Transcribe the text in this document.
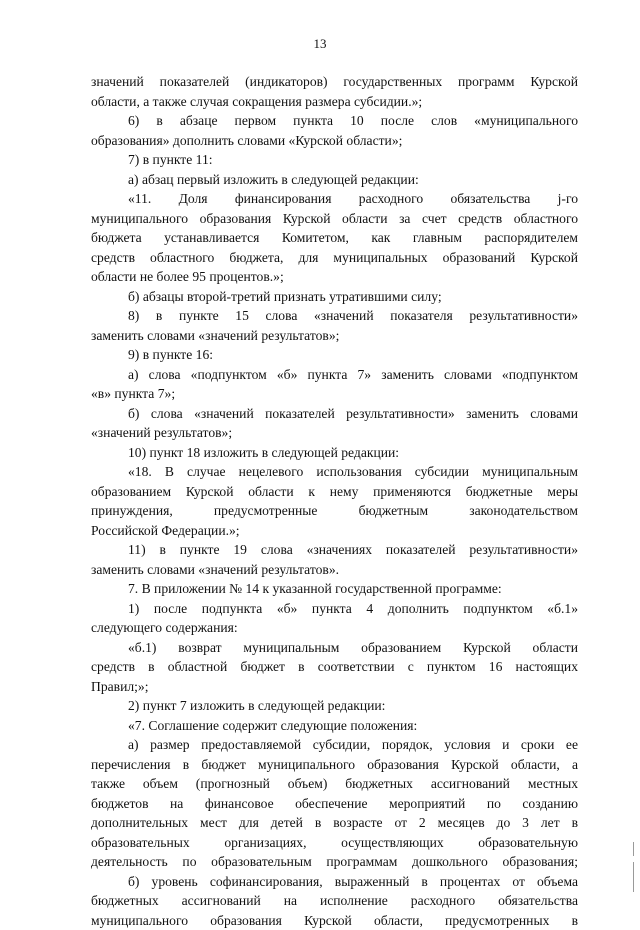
13
значений показателей (индикаторов) государственных программ Курской
области, а также случая сокращения размера субсидии.»;
6) в абзаце первом пункта 10 после слов «муниципального
образования» дополнить словами «Курской области»;
7) в пункте 11:
а) абзац первый изложить в следующей редакции:
«11. Доля финансирования расходного обязательства j-го
муниципального образования Курской области за счет средств областного
бюджета устанавливается Комитетом, как главным распорядителем
средств областного бюджета, для муниципальных образований Курской
области не более 95 процентов.»;
б) абзацы второй-третий признать утратившими силу;
8) в пункте 15 слова «значений показателя результативности»
заменить словами «значений результатов»;
9) в пункте 16:
а) слова «подпунктом «б» пункта 7» заменить словами «подпунктом
«в» пункта 7»;
б) слова «значений показателей результативности» заменить словами
«значений результатов»;
10) пункт 18 изложить в следующей редакции:
«18. В случае нецелевого использования субсидии муниципальным
образованием Курской области к нему применяются бюджетные меры
принуждения, предусмотренные бюджетным законодательством
Российской Федерации.»;
11) в пункте 19 слова «значениях показателей результативности»
заменить словами «значений результатов».
7. В приложении № 14 к указанной государственной программе:
1) после подпункта «б» пункта 4 дополнить подпунктом «б.1»
следующего содержания:
«б.1) возврат муниципальным образованием Курской области
средств в областной бюджет в соответствии с пунктом 16 настоящих
Правил;»;
2) пункт 7 изложить в следующей редакции:
«7. Соглашение содержит следующие положения:
а) размер предоставляемой субсидии, порядок, условия и сроки ее
перечисления в бюджет муниципального образования Курской области, а
также объем (прогнозный объем) бюджетных ассигнований местных
бюджетов на финансовое обеспечение мероприятий по созданию
дополнительных мест для детей в возрасте от 2 месяцев до 3 лет в
образовательных организациях, осуществляющих образовательную
деятельность по образовательным программам дошкольного образования;
б) уровень софинансирования, выраженный в процентах от объема
бюджетных ассигнований на исполнение расходного обязательства
муниципального образования Курской области, предусмотренных в
